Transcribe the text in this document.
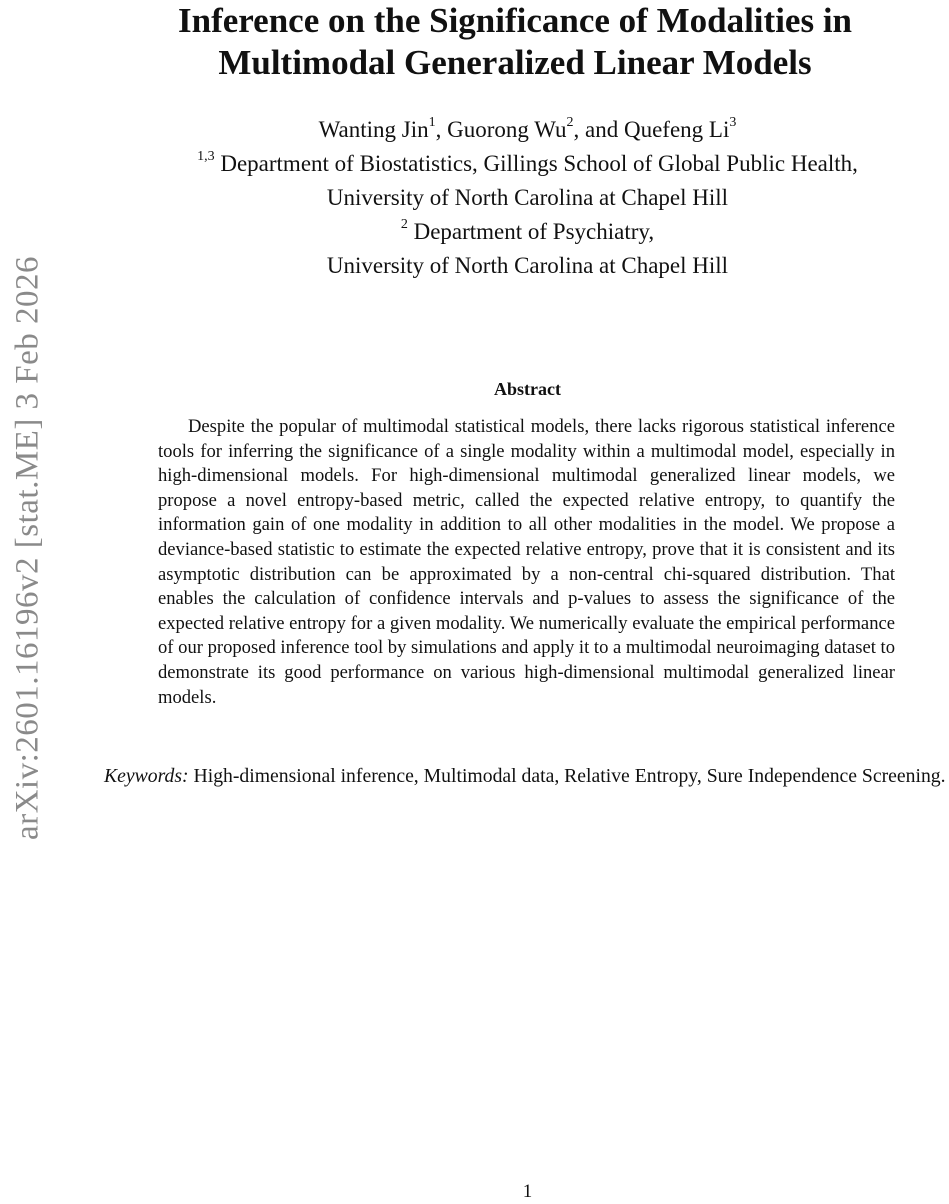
arXiv:2601.16196v2 [stat.ME] 3 Feb 2026
Inference on the Significance of Modalities in
Multimodal Generalized Linear Models
Wanting Jin$^1$, Guorong Wu$^2$, and Quefeng Li$^3$
$^{1,3}$ Department of Biostatistics, Gillings School of Global Public Health,
University of North Carolina at Chapel Hill
$^2$ Department of Psychiatry,
University of North Carolina at Chapel Hill
Abstract
Despite the popular of multimodal statistical models, there lacks rigorous statistical inference tools for inferring the significance of a single modality within a multimodal model, especially in high-dimensional models. For high-dimensional multimodal generalized linear models, we propose a novel entropy-based metric, called the expected relative entropy, to quantify the information gain of one modality in addition to all other modalities in the model. We propose a deviance-based statistic to estimate the expected relative entropy, prove that it is consistent and its asymptotic distribution can be approximated by a non-central chi-squared distribution. That enables the calculation of confidence intervals and p-values to assess the significance of the expected relative entropy for a given modality. We numerically evaluate the empirical performance of our proposed inference tool by simulations and apply it to a multimodal neuroimaging dataset to demonstrate its good performance on various high-dimensional multimodal generalized linear models.
Keywords: High-dimensional inference, Multimodal data, Relative Entropy, Sure Independence Screening.
1
